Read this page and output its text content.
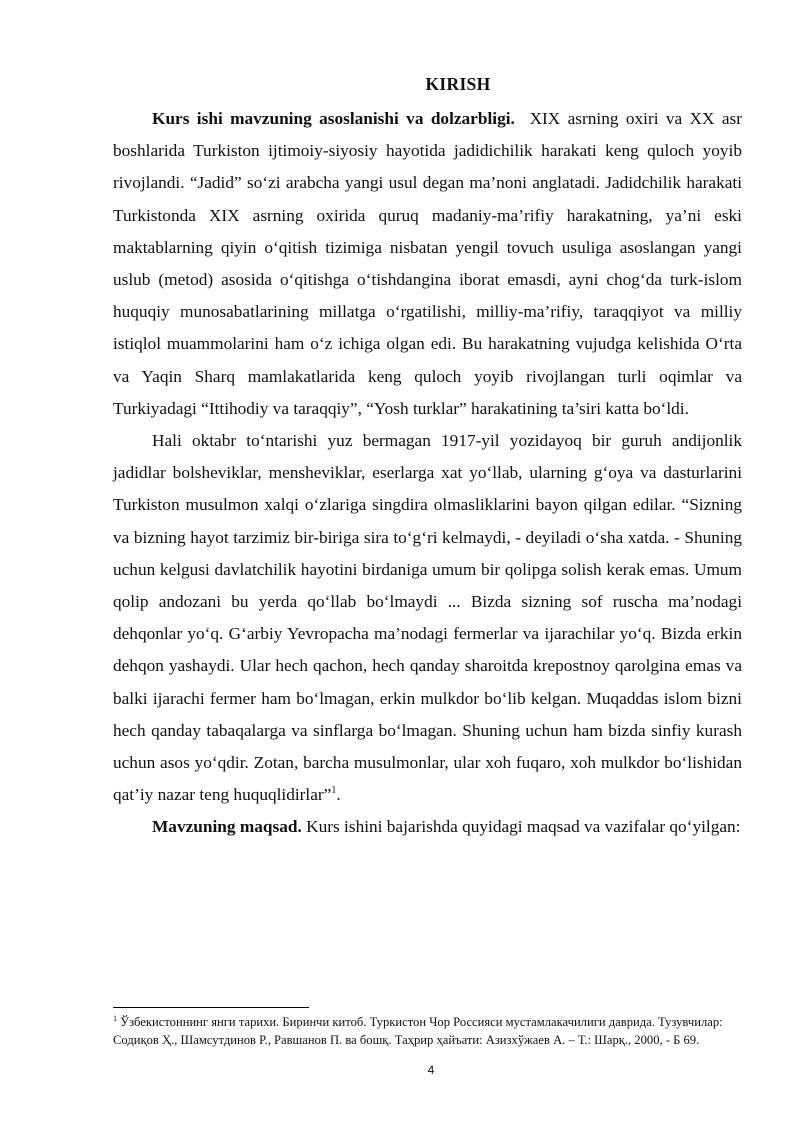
KIRISH

Kurs ishi mavzuning asoslanishi va dolzarbligi. XIX asrning oxiri va XX asr boshlarida Turkiston ijtimoiy-siyosiy hayotida jadidichilik harakati keng quloch yoyib rivojlandi. “Jadid” so‘zi arabcha yangi usul degan ma’noni anglatadi. Jadidchilik harakati Turkistonda XIX asrning oxirida quruq madaniy-ma’rifiy harakatning, ya’ni eski maktablarning qiyin o‘qitish tizimiga nisbatan yengil tovuch usuliga asoslangan yangi uslub (metod) asosida o‘qitishga o‘tishdangina iborat emasdi, ayni chog‘da turk-islom huquqiy munosabatlarining millatga o‘rgatilishi, milliy-ma’rifiy, taraqqiyot va milliy istiqlol muammolarini ham o‘z ichiga olgan edi. Bu harakatning vujudga kelishida O‘rta va Yaqin Sharq mamlakatlarida keng quloch yoyib rivojlangan turli oqimlar va Turkiyadagi “Ittihodiy va taraqqiy”, “Yosh turklar” harakatining ta’siri katta bo‘ldi.

Hali oktabr to‘ntarishi yuz bermagan 1917-yil yozidayoq bir guruh andijonlik jadidlar bolsheviklar, mensheviklar, eserlarga xat yo‘llab, ularning g‘oya va dasturlarini Turkiston musulmon xalqi o‘zlariga singdira olmasliklarini bayon qilgan edilar. “Sizning va bizning hayot tarzimiz bir-biriga sira to‘g‘ri kelmaydi, - deyiladi o‘sha xatda. - Shuning uchun kelgusi davlatchilik hayotini birdaniga umum bir qolipga solish kerak emas. Umum qolip andozani bu yerda qo‘llab bo‘lmaydi ... Bizda sizning sof ruscha ma’nodagi dehqonlar yo‘q. G‘arbiy Yevropacha ma’nodagi fermerlar va ijarachilar yo‘q. Bizda erkin dehqon yashaydi. Ular hech qachon, hech qanday sharoitda krepostnoy qarolgina emas va balki ijarachi fermer ham bo‘lmagan, erkin mulkdor bo‘lib kelgan. Muqaddas islom bizni hech qanday tabaqalarga va sinflarga bo‘lmagan. Shuning uchun ham bizda sinfiy kurash uchun asos yo‘qdir. Zotan, barcha musulmonlar, ular xoh fuqaro, xoh mulkdor bo‘lishidan qat’iy nazar teng huquqlidirlar”$^1$.

Mavzuning maqsad. Kurs ishini bajarishda quyidagi maqsad va vazifalar qo‘yilgan:

$^1$ Ўзбекистоннинг янги тарихи. Биринчи китоб. Туркистон Чор Россияси мустамлакачилиги даврида. Тузувчилар: Содиқов Ҳ., Шамсутдинов Р., Равшанов П. ва бошқ. Таҳрир ҳайъати: Азизхўжаев А. – Т.: Шарқ., 2000, - Б 69.
4
